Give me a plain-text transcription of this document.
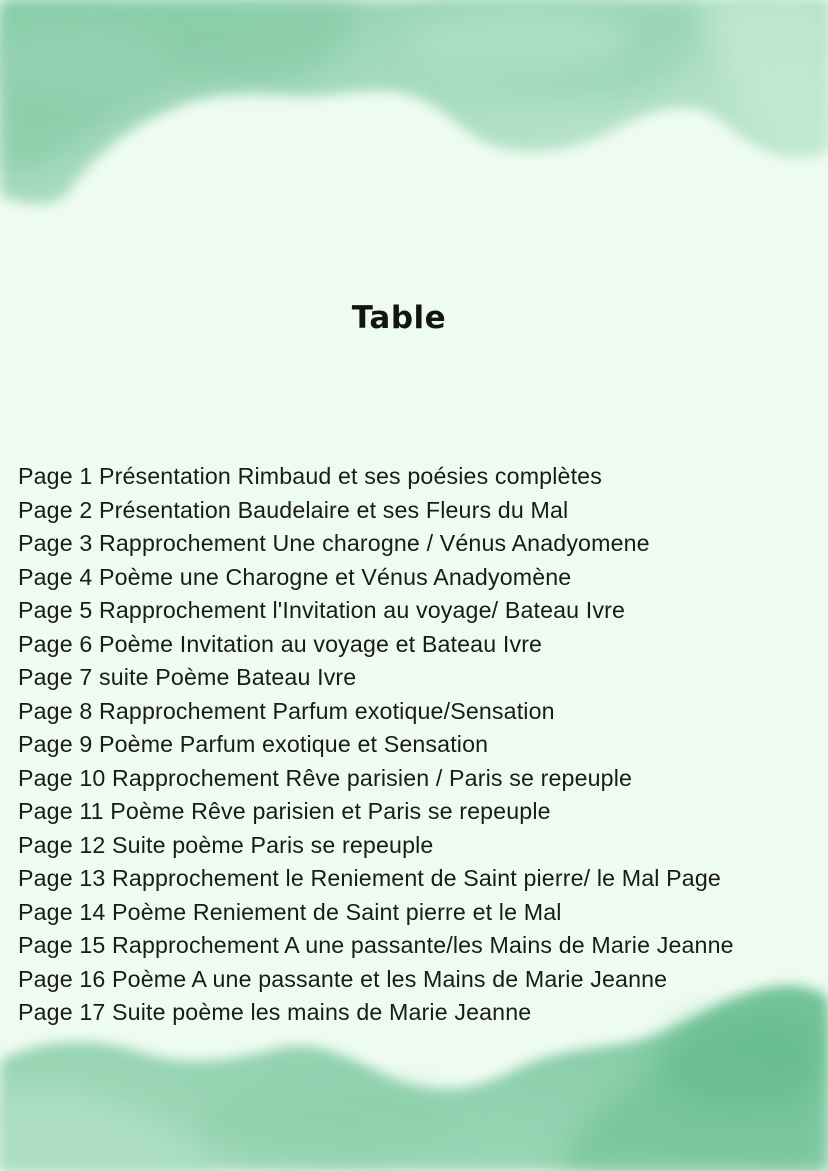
Table
Page 1 Présentation Rimbaud et ses poésies complètes
Page 2 Présentation Baudelaire et ses Fleurs du Mal
Page 3 Rapprochement Une charogne / Vénus Anadyomene
Page 4 Poème une Charogne et Vénus Anadyomène
Page 5 Rapprochement l'Invitation au voyage/ Bateau Ivre
Page 6 Poème Invitation au voyage et Bateau Ivre
Page 7 suite Poème Bateau Ivre
Page 8 Rapprochement Parfum exotique/Sensation
Page 9 Poème Parfum exotique et Sensation
Page 10 Rapprochement Rêve parisien / Paris se repeuple
Page 11 Poème Rêve parisien et Paris se repeuple
Page 12 Suite poème Paris se repeuple
Page 13 Rapprochement le Reniement de Saint pierre/ le Mal Page
Page 14 Poème Reniement de Saint pierre et le Mal
Page 15 Rapprochement A une passante/les Mains de Marie Jeanne
Page 16 Poème A une passante et les Mains de Marie Jeanne
Page 17 Suite poème les mains de Marie Jeanne
